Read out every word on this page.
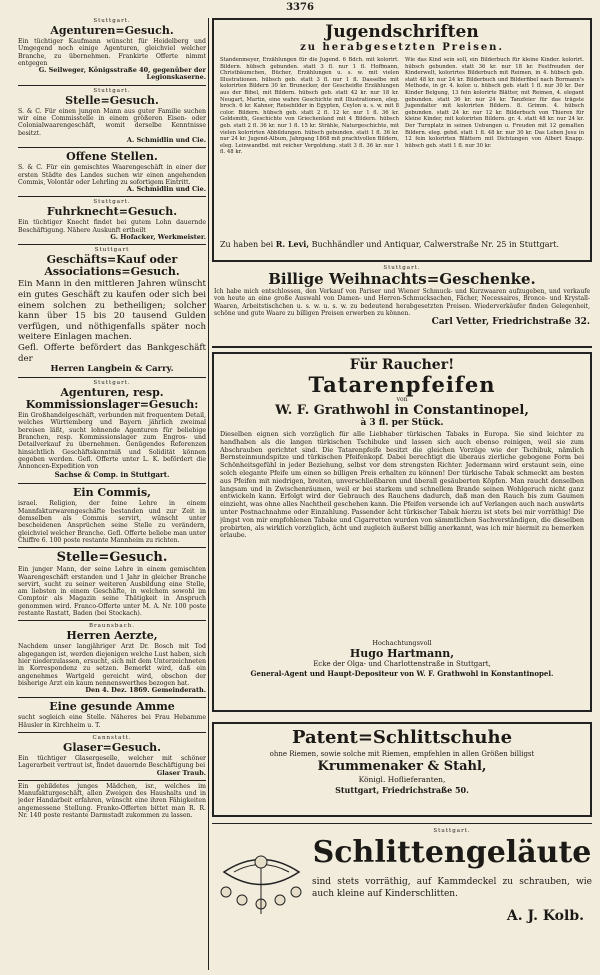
3376
Stuttgart.
Agenturen=Gesuch.
Ein tüchtiger Kaufmann wünscht für Heidelberg und Umgegend noch einige Agenturen, gleichviel welcher Branche, zu übernehmen. Frankirte Offerte nimmt entgegen
G. Seilweger, Königsstraße 40, gegenüber der Legionskaserne.
Stuttgart.
Stelle=Gesuch.
S. & C. Für einen jungen Mann aus guter Familie suchen wir eine Commisstelle in einem größeren Eisen- oder Colonialwaarengeschäft, womit derselbe Kenntnisse besitzt.
A. Schmidlin und Cie.
Offene Stellen.
S. & C. Für ein gemischtes Waarengeschäft in einer der ersten Städte des Landes suchen wir einen angehenden Commis, Volontär oder Lehrling zu sofortigem Eintritt.
A. Schmidlin und Cie.
Stuttgart.
Fuhrknecht=Gesuch.
Ein tüchtiger Knecht findet bei gutem Lohn dauernde Beschäftigung. Nähere Auskunft ertheilt
G. Hofacker, Werkmeister.
Stuttgart
Geschäfts=Kauf oder Associations=Gesuch.
Ein Mann in den mittleren Jahren wünscht ein gutes Geschäft zu kaufen oder sich bei einem solchen zu betheiligen; solcher kann über 15 bis 20 tausend Gulden verfügen, und nöthigenfalls später noch weitere Einlagen machen.
Gefl. Offerte befördert das Bankgeschäft der
Herren Langbein & Carry.
Stuttgart.
Agenturen, resp. Kommissionslager=Gesuch:
Ein Großhandelgeschäft, verbunden mit frequentem Detail, welches Württemberg und Bayern jährlich zweimal bereisen läßt, sucht lohnende Agenturen für beliebige Branchen, resp. Kommissionslager zum Engros- und Detailverkauf zu übernehmen. Genügendes Referenzen hinsichtlich Geschäftskenntniß und Solidität können gegeben werden. Gefl. Offerte unter L. K. befördert die Annoncen-Expedition von
Sachse & Comp. in Stuttgart.
Ein Commis,
israel. Religion, der feine Lehre in einem Mannfakturwarengeschäfte bestanden und zur Zeit in demselben als Commis servirt, wünscht unter bescheidenen Ansprüchen seine Stelle zu verändern, gleichviel welcher Branche. Gefl. Offerte beliebe man unter Chiffre 6. 100 poste restante Mannheim zu richten.
Stelle=Gesuch.
Ein junger Mann, der seine Lehre in einem gemischten Waarengeschäft erstanden und 1 Jahr in gleicher Branche servirt, sucht zu seiner weiteren Ausbildung eine Stelle, am liebsten in einem Geschäfte, in welchem sowohl im Comptoir als Magazin seine Thätigkeit in Anspruch genommen wird. Franco-Offerte unter M. A. Nr. 100 poste restante Rastatt, Baden (bei Stockach).
Braunsbach.
Herren Aerzte,
Nachdem unser langjähriger Arzt Dr. Bosch mit Tod abgegangen ist, werden diejenigen welche Lust haben, sich hier niederzulassen, ersucht, sich mit dem Unterzeichneten in Korrespondenz zu setzen. Bemerkt wird, daß ein angenehmes Wartgeld gereicht wird, obschon der bisherige Arzt ein kaum nennenswerthes bezogen hat.
Den 4. Dez. 1869. Gemeinderath.
Eine gesunde Amme
sucht sogleich eine Stelle. Näheres bei Frau Hebamme Häusler in Kirchheim u. T.
Cannstatt.
Glaser=Gesuch.
Ein tüchtiger Glasergeselle, welcher mit schöner Lagerarbeit vertraut ist, findet dauernde Beschäftigung bei
Glaser Traub.
Ein gebildetes junges Mädchen, isr., welches im Manufakturgeschäft, allen Zweigen des Haushalts und in jeder Handarbeit erfahren, wünscht eine ihren Fähigkeiten angemessene Stellung. Franko-Offerten bittet man R. R. Nr. 140 poste restante Darmstadt zukommen zu lassen.
Jugendschriften
zu herabgesetzten Preisen.
Standenmeyer, Erzählungen für die Jugend. 6 Bdch. mit kolorirt. Bildern. hübsch gebunden. statt 3 fl. nur 1 fl. Hoffmann, Christbäumchen, Bücher, Erzählungen u. s. w. mit vielen Illustrationen. hübsch geb. statt 3 fl. nur 1 fl. Dasselbe mit kolorirten Bildern 30 kr. Brunecker, der Gescheidte Erzählungen aus der Bibel, mit Bildern. hübsch geb. statt 42 kr. nur 18 kr. Neugart, Martin, eine wahre Geschichte mit Illustrationen, eleg. broch. 6 kr. Kahner, Reisebilder in Egypten, Ceylon u. s. w. mit 8 color. Bildern. hübsch geb. statt 2 fl. 12 kr. nur 1 fl. 36 kr. Goldsmith, Geschichte von Griechenland mit 4 Bildern. hübsch geb. statt 2 fl. 36 kr. nur 1 fl. 15 kr. Strähle, Naturgeschichte, mit vielen kolorirten Abbildungen. hübsch gebunden. statt 1 fl. 36 kr. nur 24 kr. Jugend-Album, Jahrgang 1868 mit prachtvollen Bildern, eleg. Leinwandbd. mit reicher Vergoldung. statt 3 fl. 36 kr. nur 1 fl. 48 kr.
Wie das Kind sein soll, ein Bilderbuch für kleine Kinder. kolorirt. hübsch gebunden. statt 36 kr. nur 18 kr. Festfreuden der Kinderwelt, kolorirtes Bilderbuch mit Reimen, in 4. hübsch geb. statt 48 kr. nur 24 kr. Bilderbuch und Bilderfibel nach Bormann's Methode, in gr. 4. kolor. u. hübsch geb. statt 1 fl. nur 30 kr. Der Kinder Belgung, 13 fein kolorirte Blätter, mit Reimen, 4. elegant gebunden. statt 36 kr. nur 24 kr. Tanzfeier für das trägste Jugendalter mit kolorirten Bildern. 8. Grimm. 4. hübsch gebunden. statt 24 kr. nur 12 kr. Bilderbuch von Thieren für kleine Kinder, mit kolorirten Bildern. gr. 4. statt 48 kr. nur 24 kr. Der Turnplatz in seinen Uebungen u. Freuden mit 12 gemalten Bildern. eleg. gebd. statt 1 fl. 48 kr. nur 30 kr. Das Leben Jesu in 12 fein kolorirten Blättern mit Dichtungen von Albert Knapp. hübsch geb. statt 1 fl. nur 30 kr.
Zu haben bei R. Levi, Buchhändler und Antiquar, Calwerstraße Nr. 25 in Stuttgart.
Stuttgart.
Billige Weihnachts=Geschenke.
Ich habe mich entschlossen, den Verkauf von Pariser und Wiener Schmuck- und Kurzwaaren aufzugeben, und verkaufe von heute an eine große Auswahl von Damen- und Herren-Schmucksachen, Fächer, Necessaires, Bronce- und Krystall-Waaren, Arbeitstischchen u. s. w. u. s. w. zu bedeutend herabgesetzten Preisen. Wiederverkäufer finden Gelegenheit, schöne und gute Waare zu billigen Preisen erwerben zu können.
Carl Vetter, Friedrichstraße 32.
Für Raucher!
Tatarenpfeifen
von
W. F. Grathwohl in Constantinopel,
à 3 fl. per Stück.
Dieselben eignen sich vorzüglich für alle Liebhaber türkischen Tabaks in Europa. Sie sind leichter zu handhaben als die langen türkischen Tschibuke und lassen sich auch ebenso reinigen, weil sie zum Abschrauben gerichtet sind. Die Tatarenpfeife besitzt die gleichen Vorzüge wie der Tschibuk, nämlich Bernsteinmundspitze und türkischen Pfeifenkopf. Dabei berechtigt die überaus zierliche gebogene Form bei Schönheitsgefühl in jeder Beziehung, selbst vor dem strengsten Richter. Jedermann wird erstaunt sein, eine solch elegante Pfeife um einen so billigen Preis erhalten zu können! Der türkische Tabak schmeckt am besten aus Pfeifen mit niedrigen, breiten, unverschließbaren und überall gesäuberten Köpfen. Man raucht denselben langsam und in Zwischenräumen, weil er bei starkem und schnellem Brande seinen Wohlgeruch nicht ganz entwickeln kann. Erfolgt wird der Gebrauch des Rauchens dadurch, daß man den Rauch bis zum Gaumen einzieht, was ohne alles Nachtheil geschehen kann. Die Pfeifen versende ich auf Verlangen auch nach auswärts unter Postnachnahme oder Einzahlung. Passender ächt türkischer Tabak hierzu ist stets bei mir vorräthig! Die jüngst von mir empfohlenen Tabake und Cigarretten wurden von sämmtlichen Sachverständigen, die dieselben probirten, als wirklich vorzüglich, ächt und zugleich äußerst billig anerkannt, was ich mir hiermit zu bemerken erlaube.
Hochachtungsvoll
Hugo Hartmann,
Ecke der Olga- und Charlottenstraße in Stuttgart,
General-Agent und Haupt-Depositeur von W. F. Grathwohl in Konstantinopel.
Patent=Schlittschuhe
ohne Riemen, sowie solche mit Riemen, empfehlen in allen Größen billigst
Krummenaker & Stahl,
Königl. Hoflieferanten,
Stuttgart, Friedrichstraße 50.
Stuttgart.
Schlittengeläute
sind stets vorräthig, auf Kammdeckel zu schrauben, wie auch kleine auf Kinderschlitten.
A. J. Kolb.
